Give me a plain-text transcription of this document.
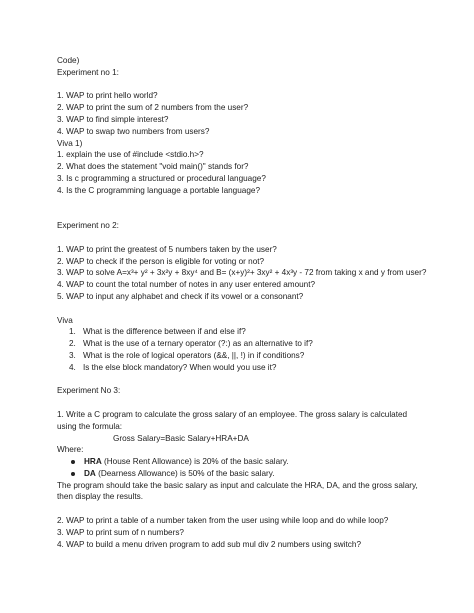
Code)
Experiment no 1:
1. WAP to print hello world?
2. WAP to print the sum of 2 numbers from the user?
3. WAP to find simple interest?
4. WAP to swap two numbers from users?
Viva 1)
1. explain the use of #include <stdio.h>?
2. What does the statement "void main()" stands for?
3. Is c programming a structured or procedural language?
4. Is the C programming language a portable language?
Experiment no 2:
1. WAP to print the greatest of 5 numbers taken by the user?
2. WAP to check if the person is eligible for voting or not?
3. WAP to solve A=x³+ y² + 3x²y + 8xy⁴ and B= (x+y)²+ 3xy² + 4x³y - 72 from taking x and y from user?
4. WAP to count the total number of notes in any user entered amount?
5. WAP to input any alphabet and check if its vowel or a consonant?
Viva
1. What is the difference between if and else if?
2. What is the use of a ternary operator (?:) as an alternative to if?
3. What is the role of logical operators (&&, ||, !) in if conditions?
4. Is the else block mandatory? When would you use it?
Experiment No 3:
1. Write a C program to calculate the gross salary of an employee. The gross salary is calculated using the formula:
Gross Salary=Basic Salary+HRA+DA
Where:
HRA (House Rent Allowance) is 20% of the basic salary.
DA (Dearness Allowance) is 50% of the basic salary.
The program should take the basic salary as input and calculate the HRA, DA, and the gross salary, then display the results.
2. WAP to print a table of a number taken from the user using while loop and do while loop?
3. WAP to print sum of n numbers?
4. WAP to build a menu driven program to add sub mul div 2 numbers using switch?
